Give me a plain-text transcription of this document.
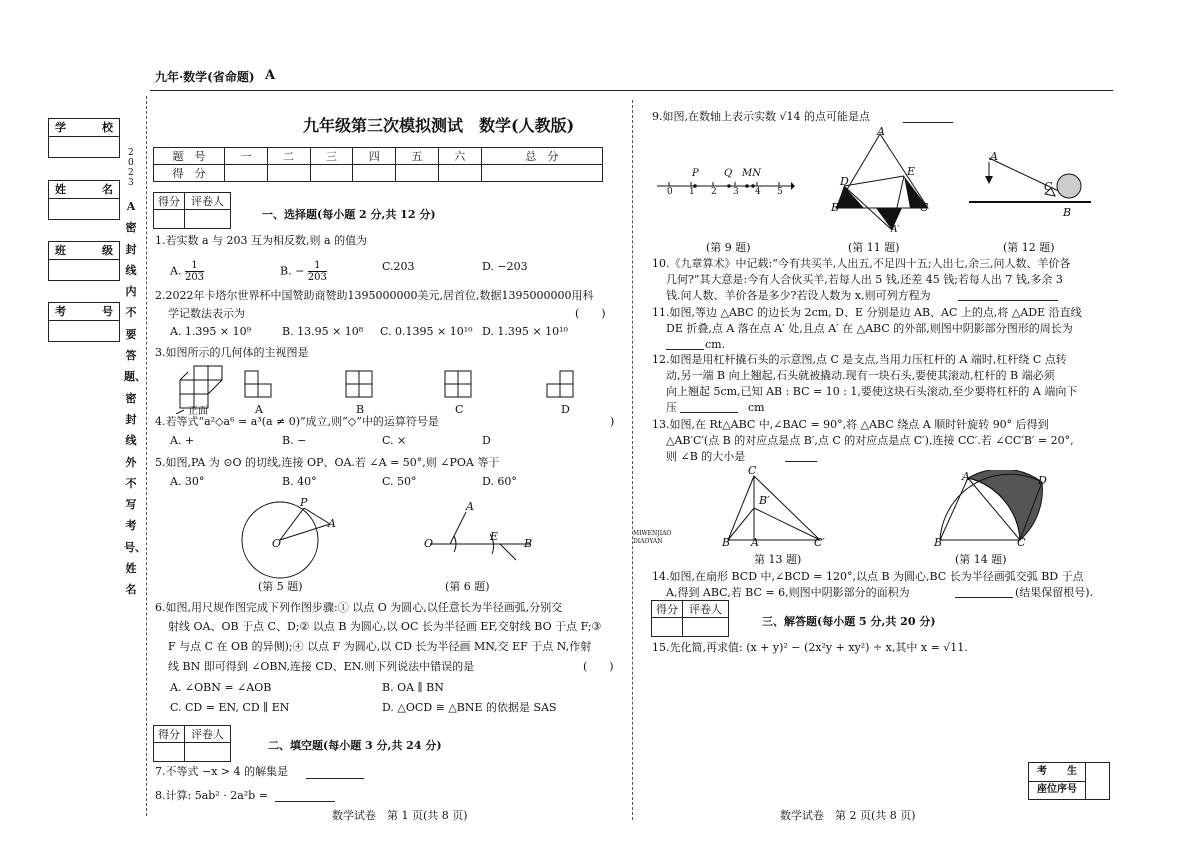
九年·数学(省命题) A
学	校
姓	名
班	级
考	号
2023
A密封线内不要答题、密封线外不写考号、姓名
九年级第三次模拟测试　数学(人教版)
题　号	一	二	三	四	五	六	总　分
得　分							
得分	评卷人

一、选择题(每小题 2 分,共 12 分)
1.若实数 a 与 203 互为相反数,则 a 的值为
A. $\frac{1}{203}$	B. − $\frac{1}{203}$	C.203	D. −203
2.2022年卡塔尔世界杯中国赞助商赞助1395000000美元,居首位,数据1395000000用科
学记数法表示为	(　　)
A. 1.395 × 10⁹	B. 13.95 × 10⁸ C. 0.1395 × 10¹⁰ D. 1.395 × 10¹⁰
3.如图所示的几何体的主视图是
正面	A	B	C	D
4.若等式“a²◇a⁶ = a³(a ≠ 0)”成立,则“◇”中的运算符号是	)
A. +	B. −	C. ×	D
5.如图,PA 为 ⊙O 的切线,连接 OP、OA.若 ∠A = 50°,则 ∠POA 等于
A. 30°	B. 40°	C. 50°	D. 60°
P
A
O
(第 5 题)
A
O
E
B
(第 6 题)
6.如图,用尺规作图完成下列作图步骤:① 以点 O 为圆心,以任意长为半径画弧,分别交
射线 OA、OB 于点 C、D;② 以点 B 为圆心,以 OC 长为半径画 EF,交射线 BO 于点 F;③
F 与点 C 在 OB 的异侧);④ 以点 F 为圆心,以 CD 长为半径画 MN,交 EF 于点 N,作射
线 BN 即可得到 ∠OBN,连接 CD、EN.则下列说法中错误的是	(　　)
A. ∠OBN = ∠AOB	B. OA ∥ BN
C. CD = EN, CD ∥ EN	D. △OCD ≅ △BNE 的依据是 SAS
得分	评卷人

二、填空题(每小题 3 分,共 24 分)
7.不等式 −x > 4 的解集是
8.计算: 5ab² · 2a²b =
数学试卷　第 1 页(共 8 页)
MIWENJIAO DIAOYAN
9.如图,在数轴上表示实数 √14 的点可能是点
P	Q MN
0 1 2 3 4 5
(第 9 题)
A
D
E
B	C
A′
(第 11 题)
A
C
B
(第 12 题)
10.《九章算术》中记载:“今有共买羊,人出五,不足四十五;人出七,余三,问人数、羊价各
几何?”其大意是:今有人合伙买羊,若每人出 5 钱,还差 45 钱;若每人出 7 钱,多余 3
钱.问人数、羊价各是多少?若设人数为 x,则可列方程为
11.如图,等边 △ABC 的边长为 2cm, D、E 分别是边 AB、AC 上的点,将 △ADE 沿直线
DE 折叠,点 A 落在点 A′ 处,且点 A′ 在 △ABC 的外部,则图中阴影部分图形的周长为
cm.
12.如图是用杠杆撬石头的示意图,点 C 是支点,当用力压杠杆的 A 端时,杠杆绕 C 点转
动,另一端 B 向上翘起,石头就被撬动.现有一块石头,要使其滚动,杠杆的 B 端必须
向上翘起 5cm,已知 AB : BC = 10 : 1,要使这块石头滚动,至少要将杠杆的 A 端向下
压	cm
13.如图,在 Rt△ABC 中,∠BAC = 90°,将 △ABC 绕点 A 顺时针旋转 90° 后得到
△AB′C′(点 B 的对应点是点 B′,点 C 的对应点是点 C′),连接 CC′.若 ∠CC′B′ = 20°,
则 ∠B 的大小是
C
B′
B A	C′
第 13 题)
A	D
B	C
(第 14 题)
14.如图,在扇形 BCD 中,∠BCD = 120°,以点 B 为圆心,BC 长为半径画弧交弧 BD 于点
A,得到 ABC,若 BC = 6,则图中阴影部分的面积为	(结果保留根号).
得分	评卷人

三、解答题(每小题 5 分,共 20 分)
15.先化简,再求值: (x + y)² − (2x²y + xy²) ÷ x,其中 x = √11.
考　　生
座位序号
数学试卷　第 2 页(共 8 页)
